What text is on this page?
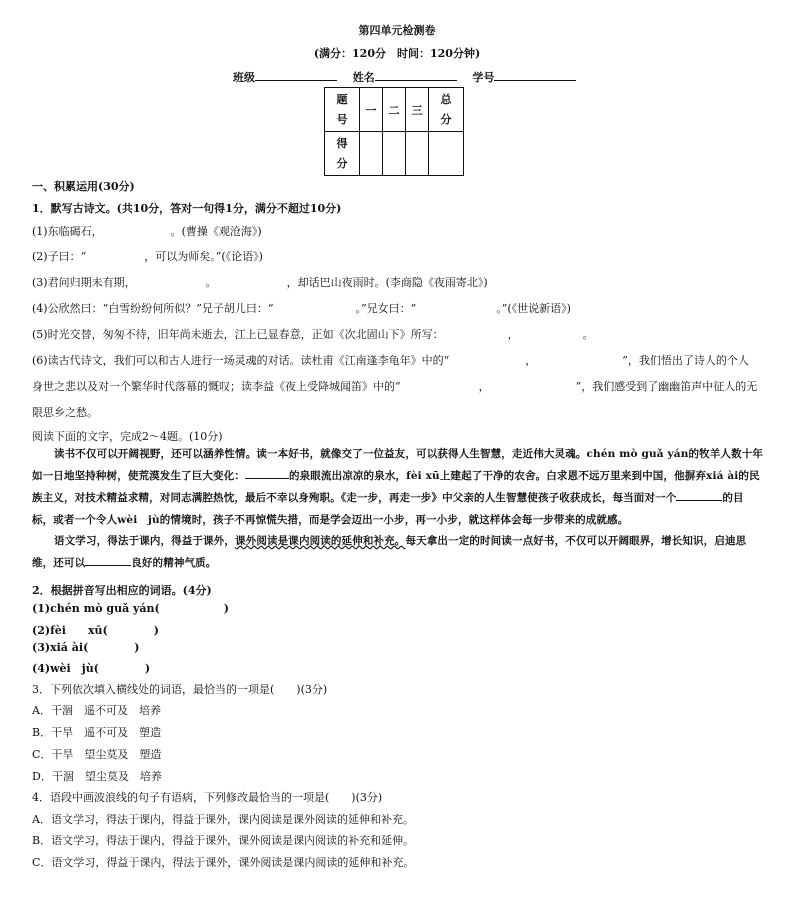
第四单元检测卷
(满分：120分　时间：120分钟)
班级	姓名	学号
题号	一	二	三	总分

得分				

一、积累运用(30分)
1．默写古诗文。(共10分，答对一句得1分，满分不超过10分)
(1)东临碣石，	。(曹操《观沧海》)
(2)子曰：“	，可以为师矣。”(《论语》)
(3)君问归期未有期，	。	，却话巴山夜雨时。(李商隐《夜雨寄北》)
(4)公欣然曰：“白雪纷纷何所似？”兄子胡儿曰：“	。”兄女曰：“	。”(《世说新语》)
(5)时光交替，匆匆不待，旧年尚未逝去，江上已显春意，正如《次北固山下》所写：	，	。
(6)读古代诗文，我们可以和古人进行一场灵魂的对话。读杜甫《江南逢李龟年》中的“	，	”，我们悟出了诗人的个人
身世之悲以及对一个繁华时代落幕的慨叹；读李益《夜上受降城闻笛》中的“	，	”，我们感受到了幽幽笛声中征人的无
限思乡之愁。
阅读下面的文字，完成2～4题。(10分)
读书不仅可以开阔视野，还可以涵养性情。读一本好书，就像交了一位益友，可以获得人生智慧，走近伟大灵魂。chén mò guǎ yán的牧羊人数十年如一日地坚持种树，使荒漠发生了巨大变化：	的泉眼流出凉凉的泉水，fèi xū上建起了干净的农舍。白求恩不远万里来到中国，他摒弃xiá ài的民族主义，对技术精益求精，对同志满腔热忱，最后不幸以身殉职。《走一步，再走一步》中父亲的人生智慧使孩子收获成长，每当面对一个	的目标，或者一个令人wèi　jù的情境时，孩子不再惊慌失措，而是学会迈出一小步，再一小步，就这样体会每一步带来的成就感。
语文学习，得法于课内，得益于课外，课外阅读是课内阅读的延伸和补充。每天拿出一定的时间读一点好书，不仅可以开阔眼界，增长知识，启迪思维，还可以	良好的精神气质。
2．根据拼音写出相应的词语。(4分)
(1)chén mò guǎ yán(	)
(2)fèi　　xū(	)
(3)xiá ài(	)
(4)wèi　jù(	)
3．下列依次填入横线处的词语，最恰当的一项是(　　)(3分)
A．干涸　遥不可及　培养
B．干旱　遥不可及　塑造
C．干旱　望尘莫及　塑造
D．干涸　望尘莫及　培养
4．语段中画波浪线的句子有语病，下列修改最恰当的一项是(　　)(3分)
A．语文学习，得法于课内，得益于课外，课内阅读是课外阅读的延伸和补充。
B．语文学习，得法于课内，得益于课外，课外阅读是课内阅读的补充和延伸。
C．语文学习，得益于课内，得法于课外，课外阅读是课内阅读的延伸和补充。
